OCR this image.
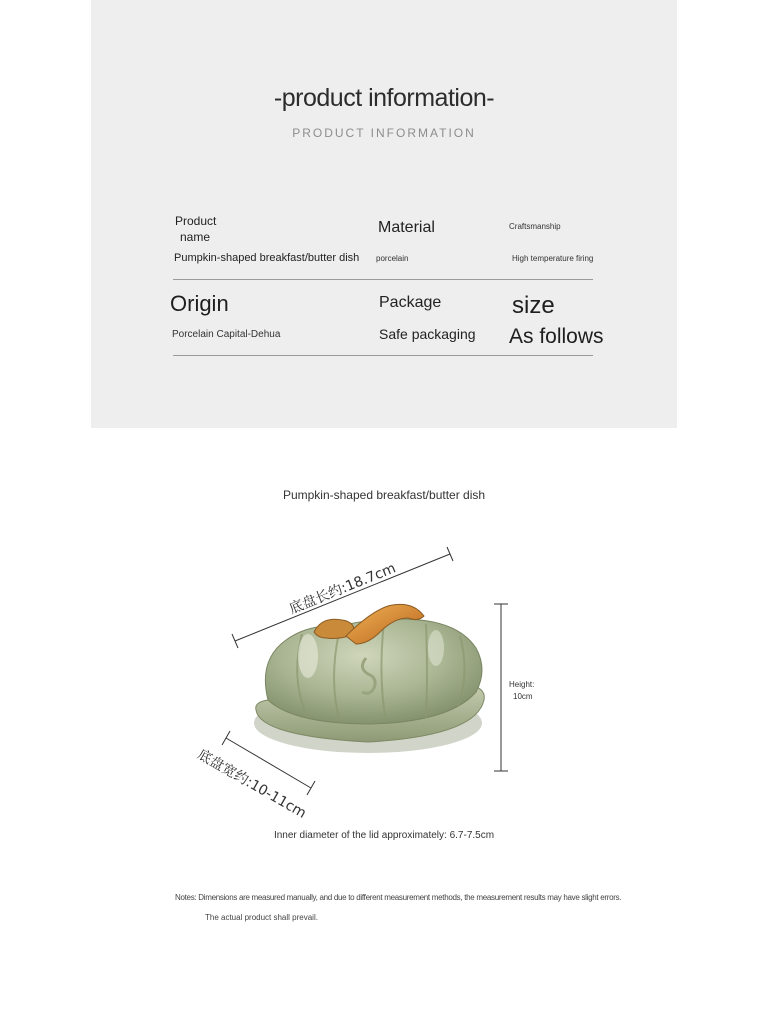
-product information-
PRODUCT INFORMATION
Product
name
Pumpkin-shaped breakfast/butter dish
Material
porcelain
Craftsmanship
High temperature firing
Origin
Porcelain Capital-Dehua
Package
Safe packaging
size
As follows
Pumpkin-shaped breakfast/butter dish
底盘长约:18.7cm
底盘宽约:10-11cm
Height:
10cm
Inner diameter of the lid approximately: 6.7-7.5cm
Notes: Dimensions are measured manually, and due to different measurement methods, the measurement results may have slight errors.
The actual product shall prevail.
